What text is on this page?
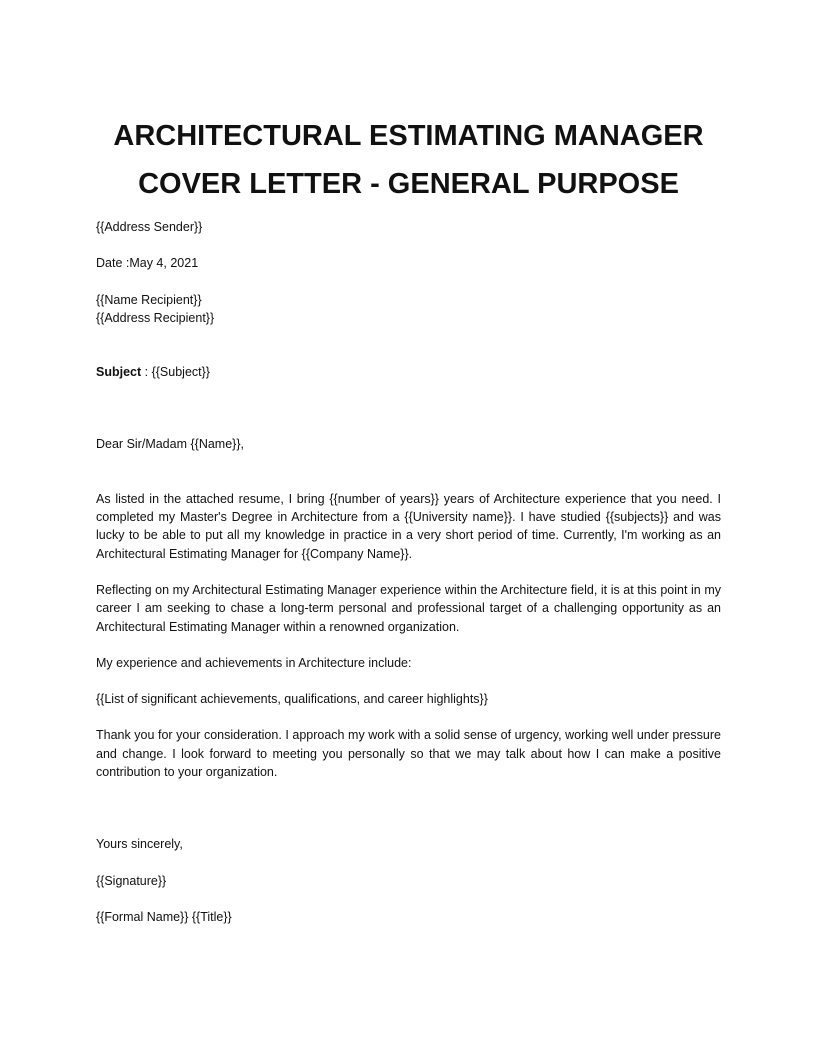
ARCHITECTURAL ESTIMATING MANAGER
COVER LETTER - GENERAL PURPOSE

{{Address Sender}}

Date :May 4, 2021

{{Name Recipient}}

{{Address Recipient}}

Subject : {{Subject}}

Dear Sir/Madam {{Name}},

As listed in the attached resume, I bring {{number of years}} years of Architecture experience that you need. I completed my Master's Degree in Architecture from a {{University name}}. I have studied {{subjects}} and was lucky to be able to put all my knowledge in practice in a very short period of time. Currently, I'm working as an Architectural Estimating Manager for {{Company Name}}.

Reflecting on my Architectural Estimating Manager experience within the Architecture field, it is at this point in my career I am seeking to chase a long-term personal and professional target of a challenging opportunity as an Architectural Estimating Manager within a renowned organization.

My experience and achievements in Architecture include:

{{List of significant achievements, qualifications, and career highlights}}

Thank you for your consideration. I approach my work with a solid sense of urgency, working well under pressure and change. I look forward to meeting you personally so that we may talk about how I can make a positive contribution to your organization.

Yours sincerely,

{{Signature}}

{{Formal Name}} {{Title}}
